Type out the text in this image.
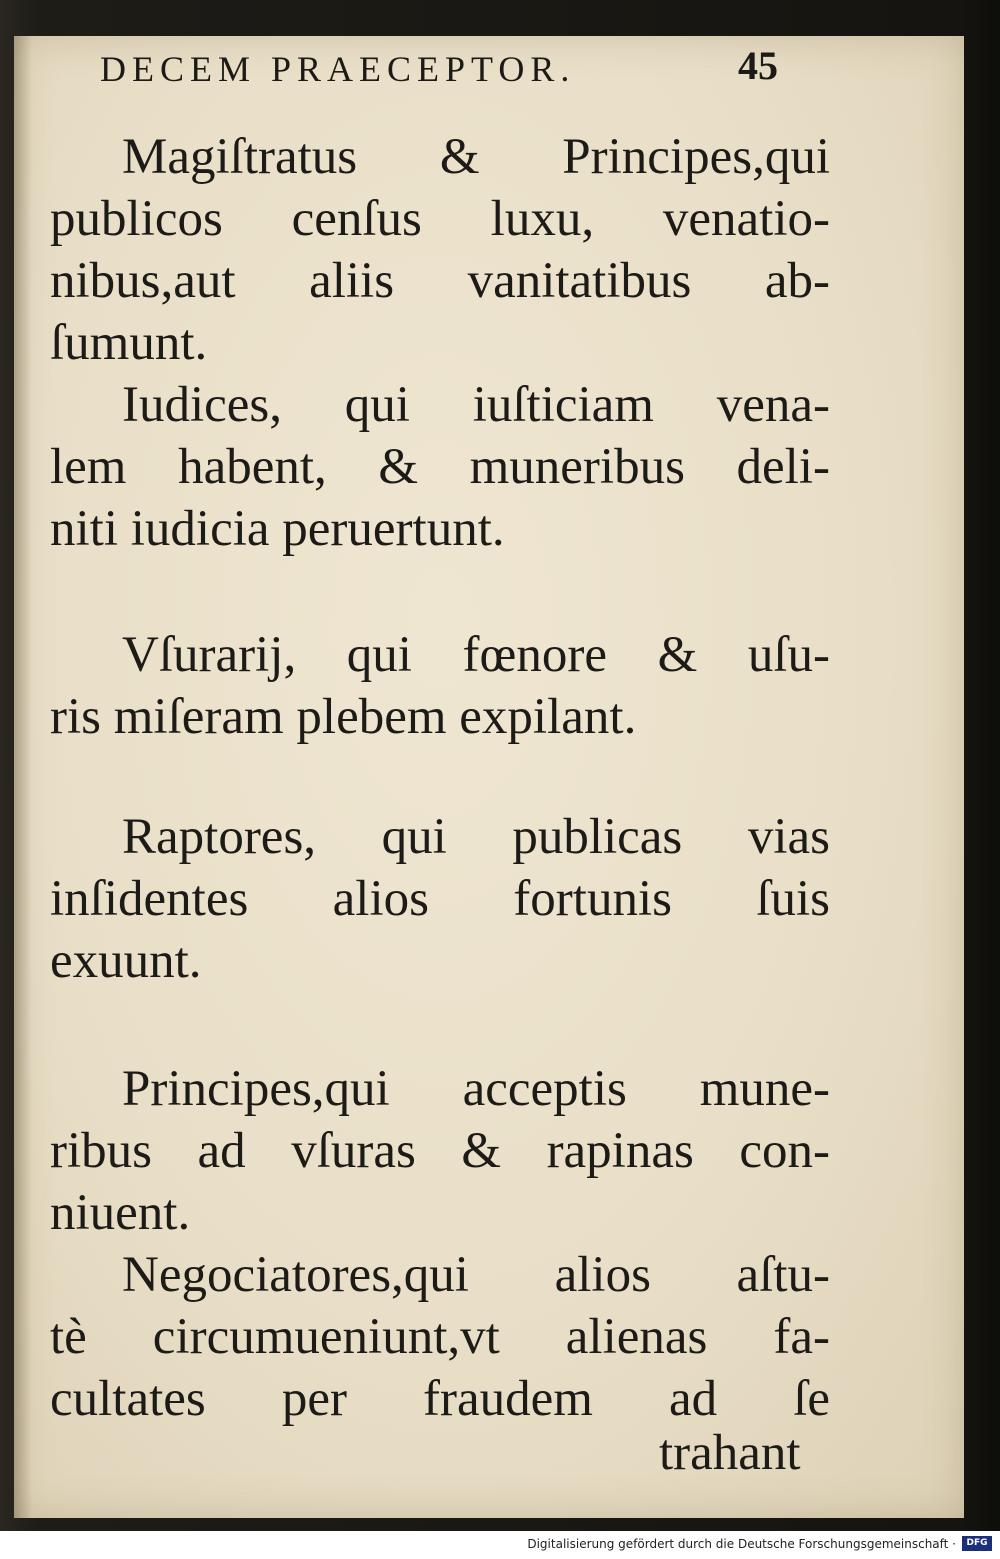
DECEM PRAECEPTOR.	45
Magiſtratus & Principes,qui
publicos cenſus luxu, venatio-
nibus,aut aliis vanitatibus ab-
ſumunt.
Iudices, qui iuſticiam vena-
lem habent, & muneribus deli-
niti iudicia peruertunt.
Vſurarij, qui fœnore & uſu-
ris miſeram plebem expilant.
Raptores, qui publicas vias
inſidentes alios fortunis ſuis
exuunt.
Principes,qui acceptis mune-
ribus ad vſuras & rapinas con-
niuent.
Negociatores,qui alios aſtu-
tè circumueniunt,vt alienas fa-
cultates per fraudem ad ſe
trahant
Digitalisierung gefördert durch die Deutsche Forschungsgemeinschaft ·	DFG
